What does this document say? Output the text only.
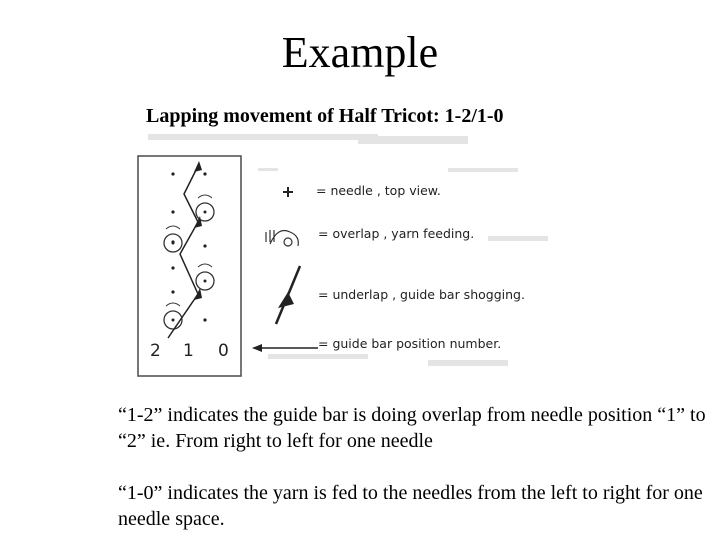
Example
Lapping movement of Half Tricot: 1-2/1-0
2 1 0
= needle , top view.
= overlap , yarn feeding.
= underlap , guide bar shogging.
= guide bar position number.
“1-2” indicates the guide bar is doing overlap from needle position “1” to “2” ie. From right to left for one needle
“1-0” indicates the yarn is fed to the needles from the left to right for one needle space.
